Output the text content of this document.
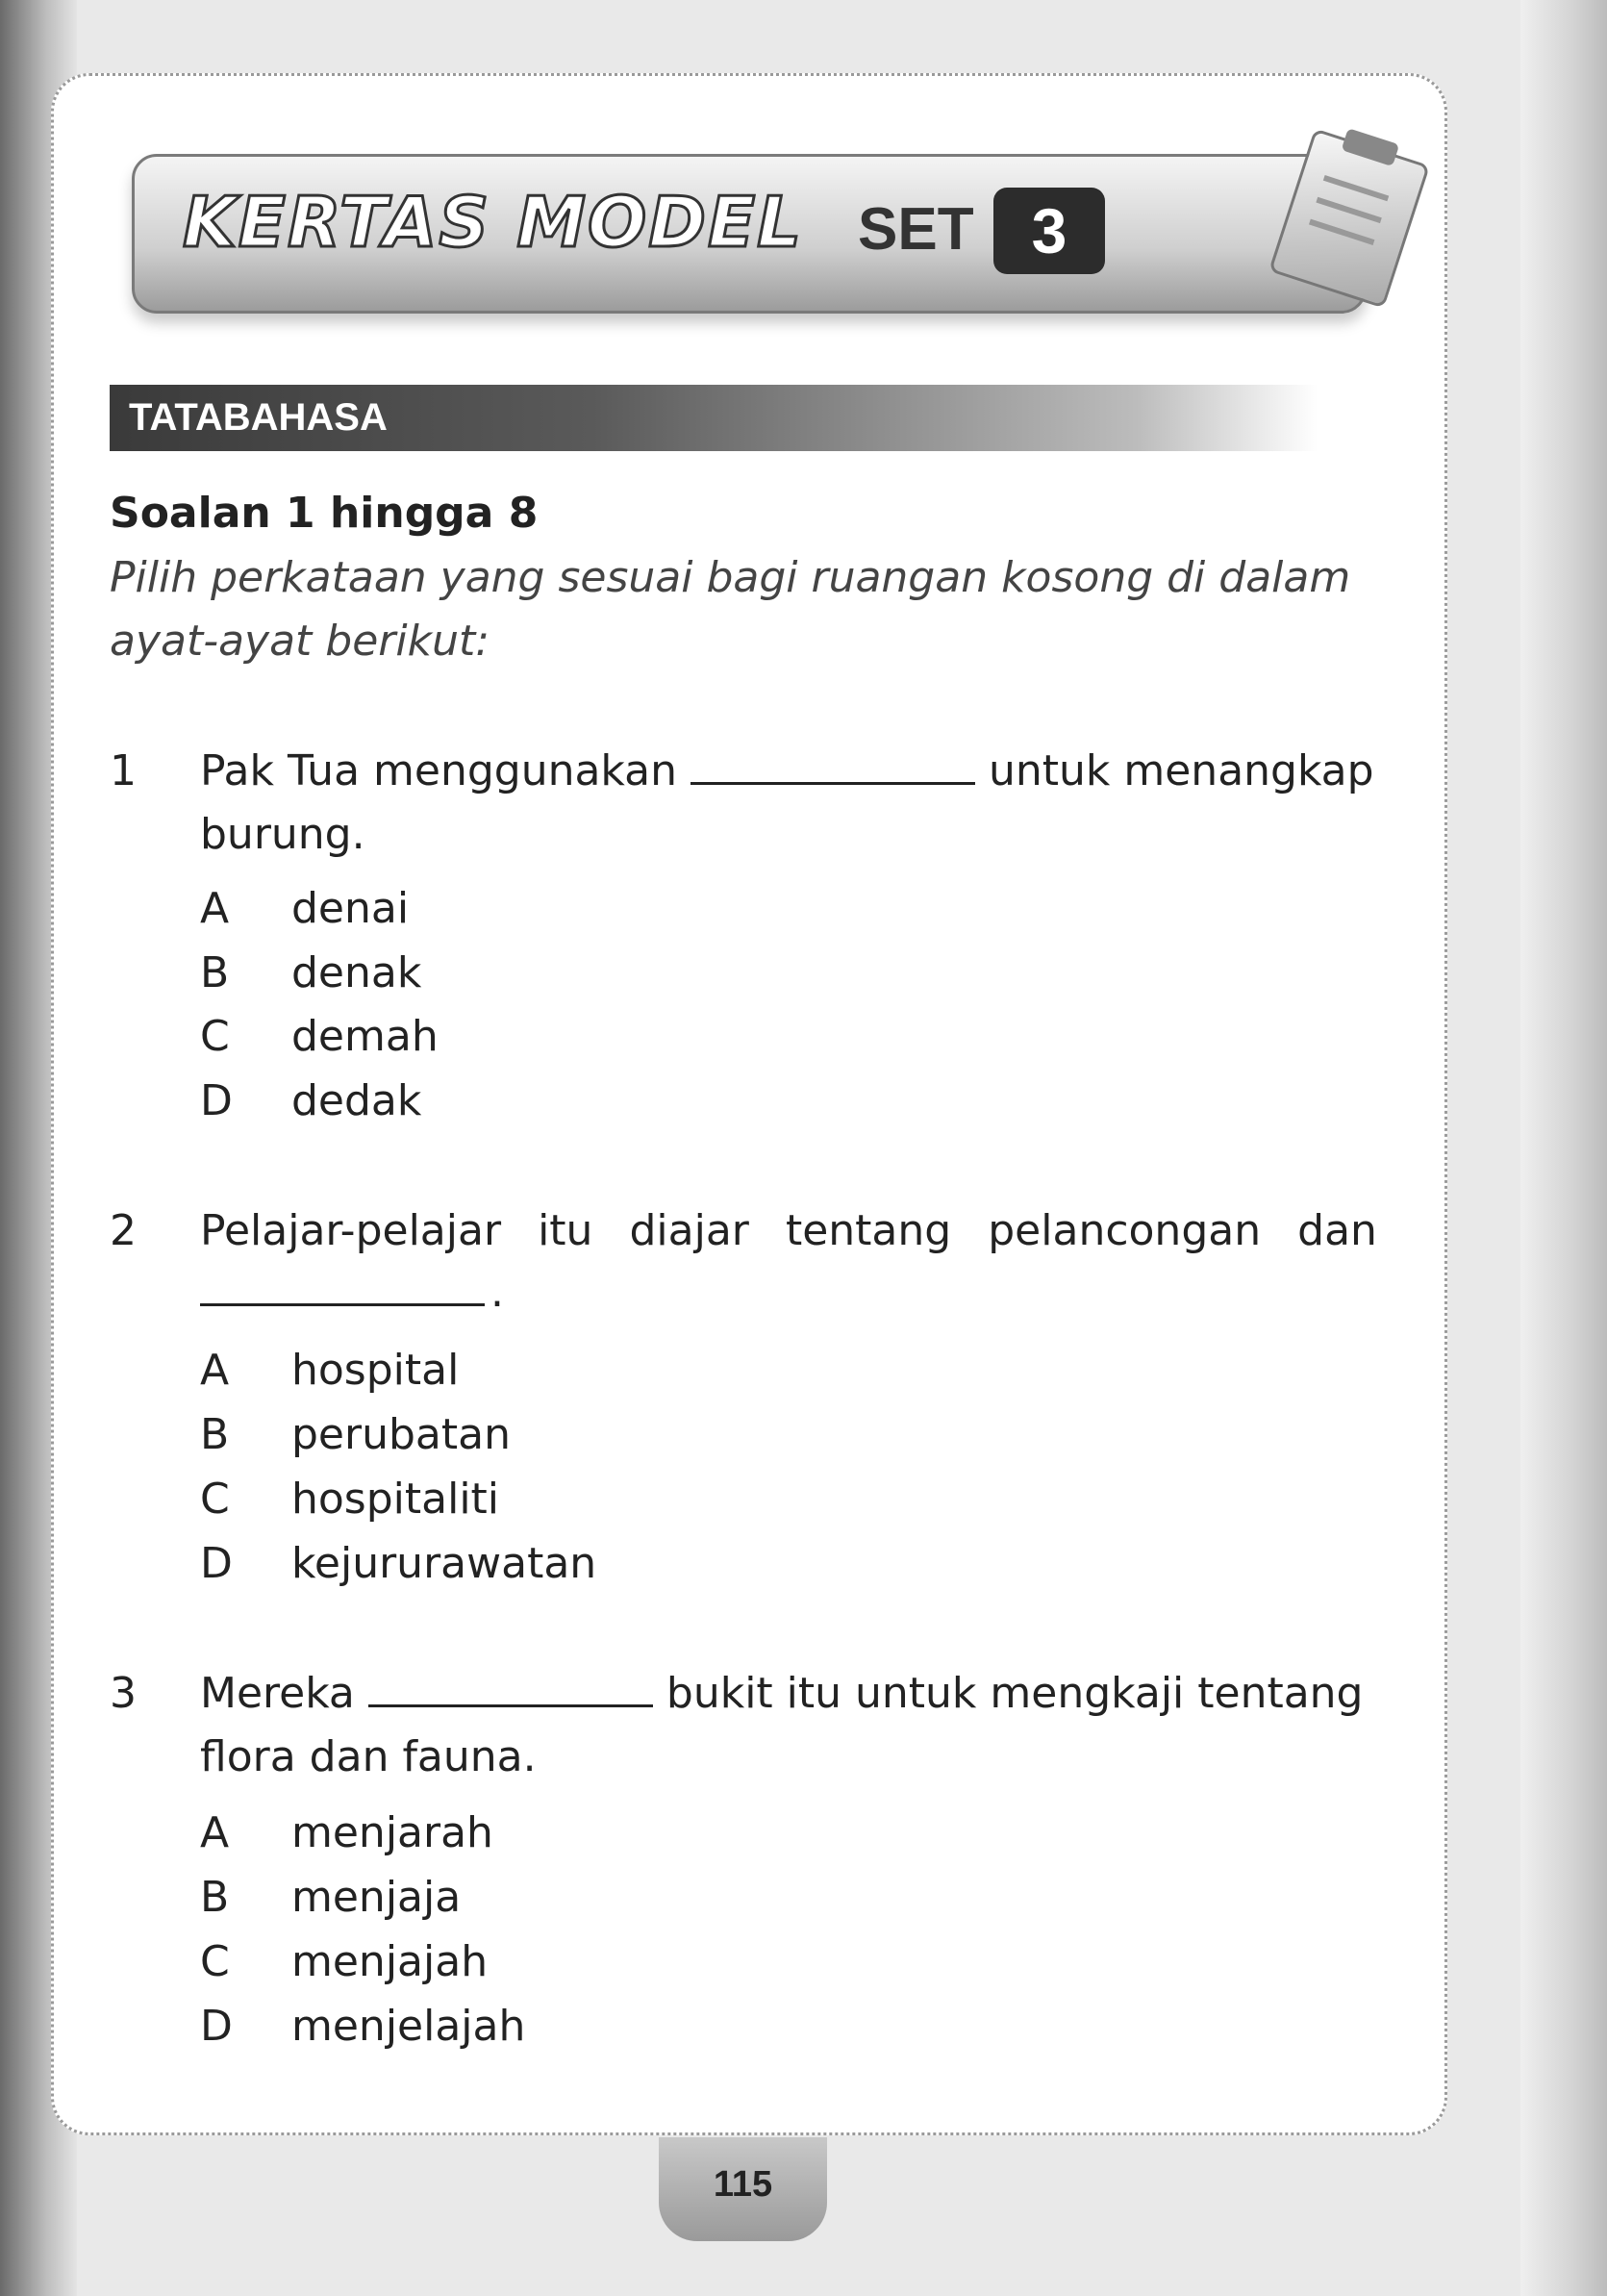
KERTAS MODEL SET 3
TATABAHASA
Soalan 1 hingga 8
Pilih perkataan yang sesuai bagi ruangan kosong di dalam
ayat-ayat berikut:
1 Pak Tua menggunakan	untuk menangkap
burung.
A denai
B denak
C demah
D dedak
2 Pelajar-pelajar itu diajar tentang pelancongan dan
.
A hospital
B perubatan
C hospitaliti
D kejururawatan
3 Mereka	bukit itu untuk mengkaji tentang
flora dan fauna.
A menjarah
B menjaja
C menjajah
D menjelajah
115
